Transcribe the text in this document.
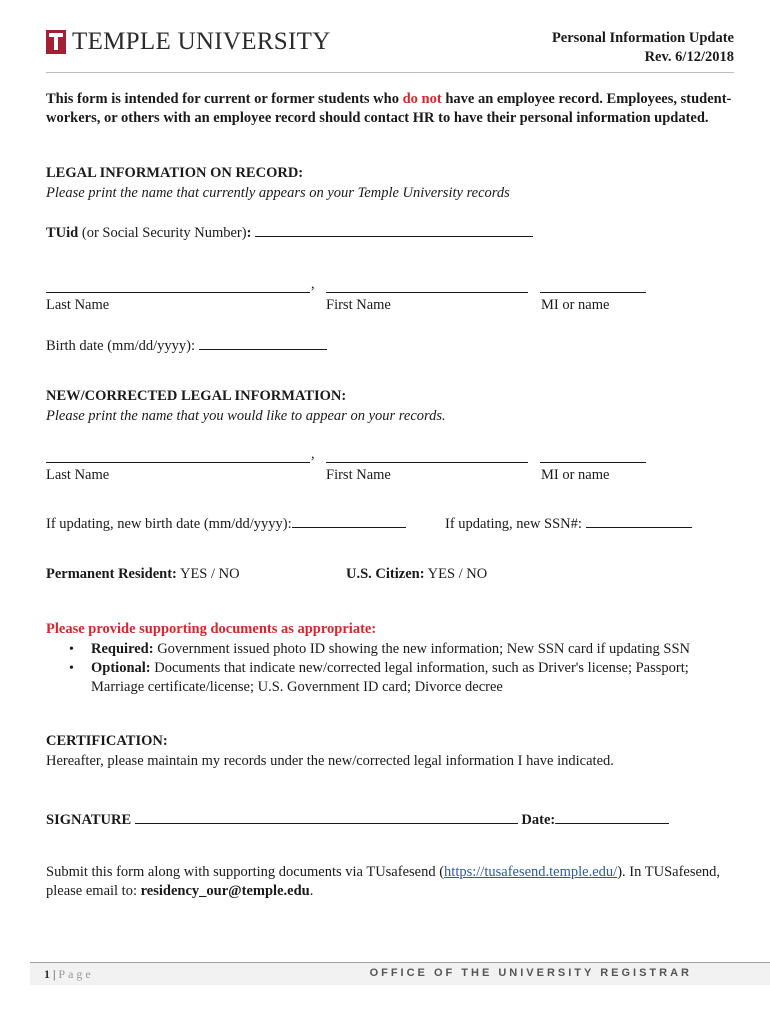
TEMPLE UNIVERSITY	Personal Information Update
Rev. 6/12/2018
This form is intended for current or former students who do not have an employee record. Employees, student-workers, or others with an employee record should contact HR to have their personal information updated.
LEGAL INFORMATION ON RECORD:
Please print the name that currently appears on your Temple University records
TUid (or Social Security Number):
,
Last Name	First Name	MI or name
Birth date (mm/dd/yyyy):
NEW/CORRECTED LEGAL INFORMATION:
Please print the name that you would like to appear on your records.
,
Last Name	First Name	MI or name
If updating, new birth date (mm/dd/yyyy):	If updating, new SSN#:
Permanent Resident: YES / NO	U.S. Citizen: YES / NO
Please provide supporting documents as appropriate:
• Required: Government issued photo ID showing the new information; New SSN card if updating SSN
• Optional: Documents that indicate new/corrected legal information, such as Driver's license; Passport; Marriage certificate/license; U.S. Government ID card; Divorce decree
CERTIFICATION:
Hereafter, please maintain my records under the new/corrected legal information I have indicated.
SIGNATURE	Date:
Submit this form along with supporting documents via TUsafesend (https://tusafesend.temple.edu/). In TUSafesend, please email to: residency_our@temple.edu.
1 | Page	OFFICE OF THE UNIVERSITY REGISTRAR
